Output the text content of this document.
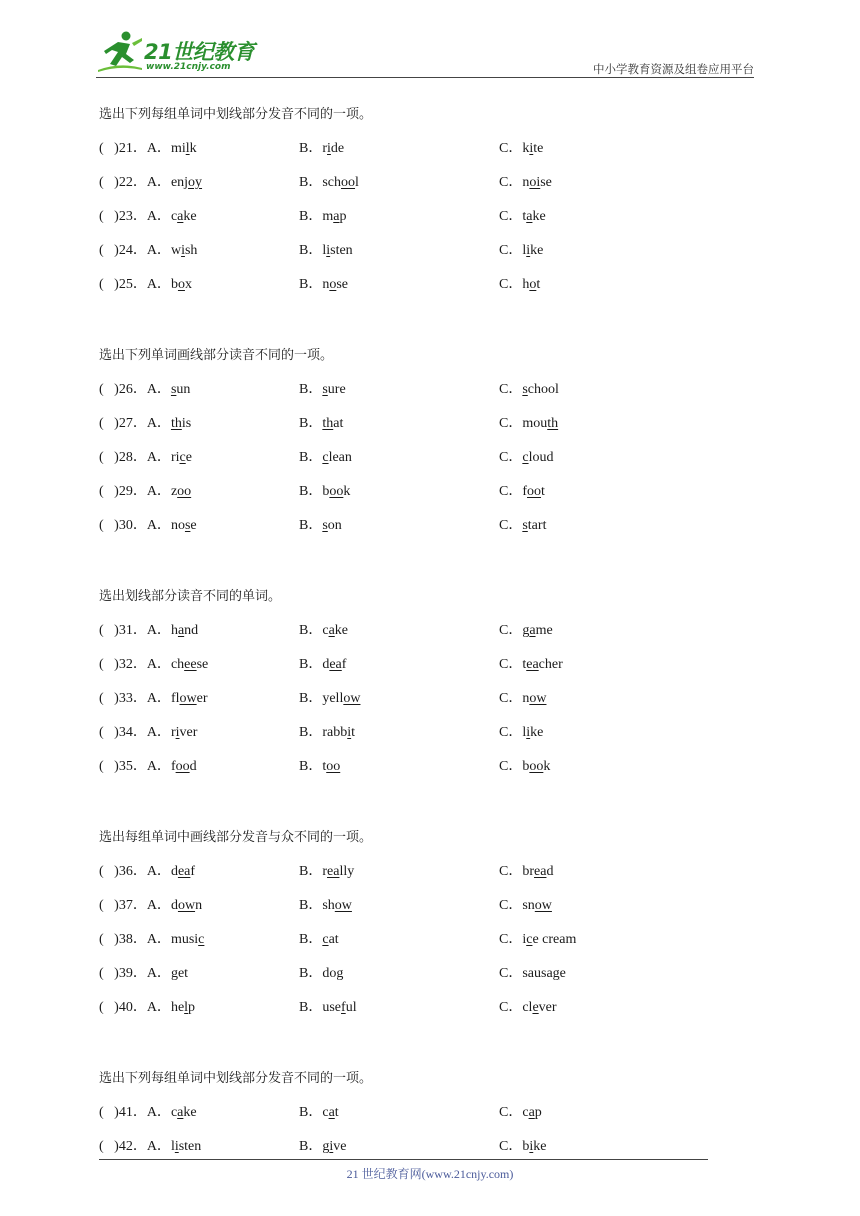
21世纪教育
www.21cnjy.com	中小学教育资源及组卷应用平台
选出下列每组单词中划线部分发音不同的一项。
(   )21．A．milk	B．ride	C．kite
(   )22．A．enjoy	B．school	C．noise
(   )23．A．cake	B．map	C．take
(   )24．A．wish	B．listen	C．like
(   )25．A．box	B．nose	C．hot
选出下列单词画线部分读音不同的一项。
(   )26．A．sun	B．sure	C．school
(   )27．A．this	B．that	C．mouth
(   )28．A．rice	B．clean	C．cloud
(   )29．A．zoo	B．book	C．foot
(   )30．A．nose	B．son	C．start
选出划线部分读音不同的单词。
(   )31．A．hand	B．cake	C．game
(   )32．A．cheese	B．deaf	C．teacher
(   )33．A．flower	B．yellow	C．now
(   )34．A．river	B．rabbit	C．like
(   )35．A．food	B．too	C．book
选出每组单词中画线部分发音与众不同的一项。
(   )36．A．deaf	B．really	C．bread
(   )37．A．down	B．show	C．snow
(   )38．A．music	B．cat	C．ice cream
(   )39．A．get	B．dog	C．sausage
(   )40．A．help	B．useful	C．clever
选出下列每组单词中划线部分发音不同的一项。
(   )41．A．cake	B．cat	C．cap
(   )42．A．listen	B．give	C．bike
21 世纪教育网(www.21cnjy.com)
